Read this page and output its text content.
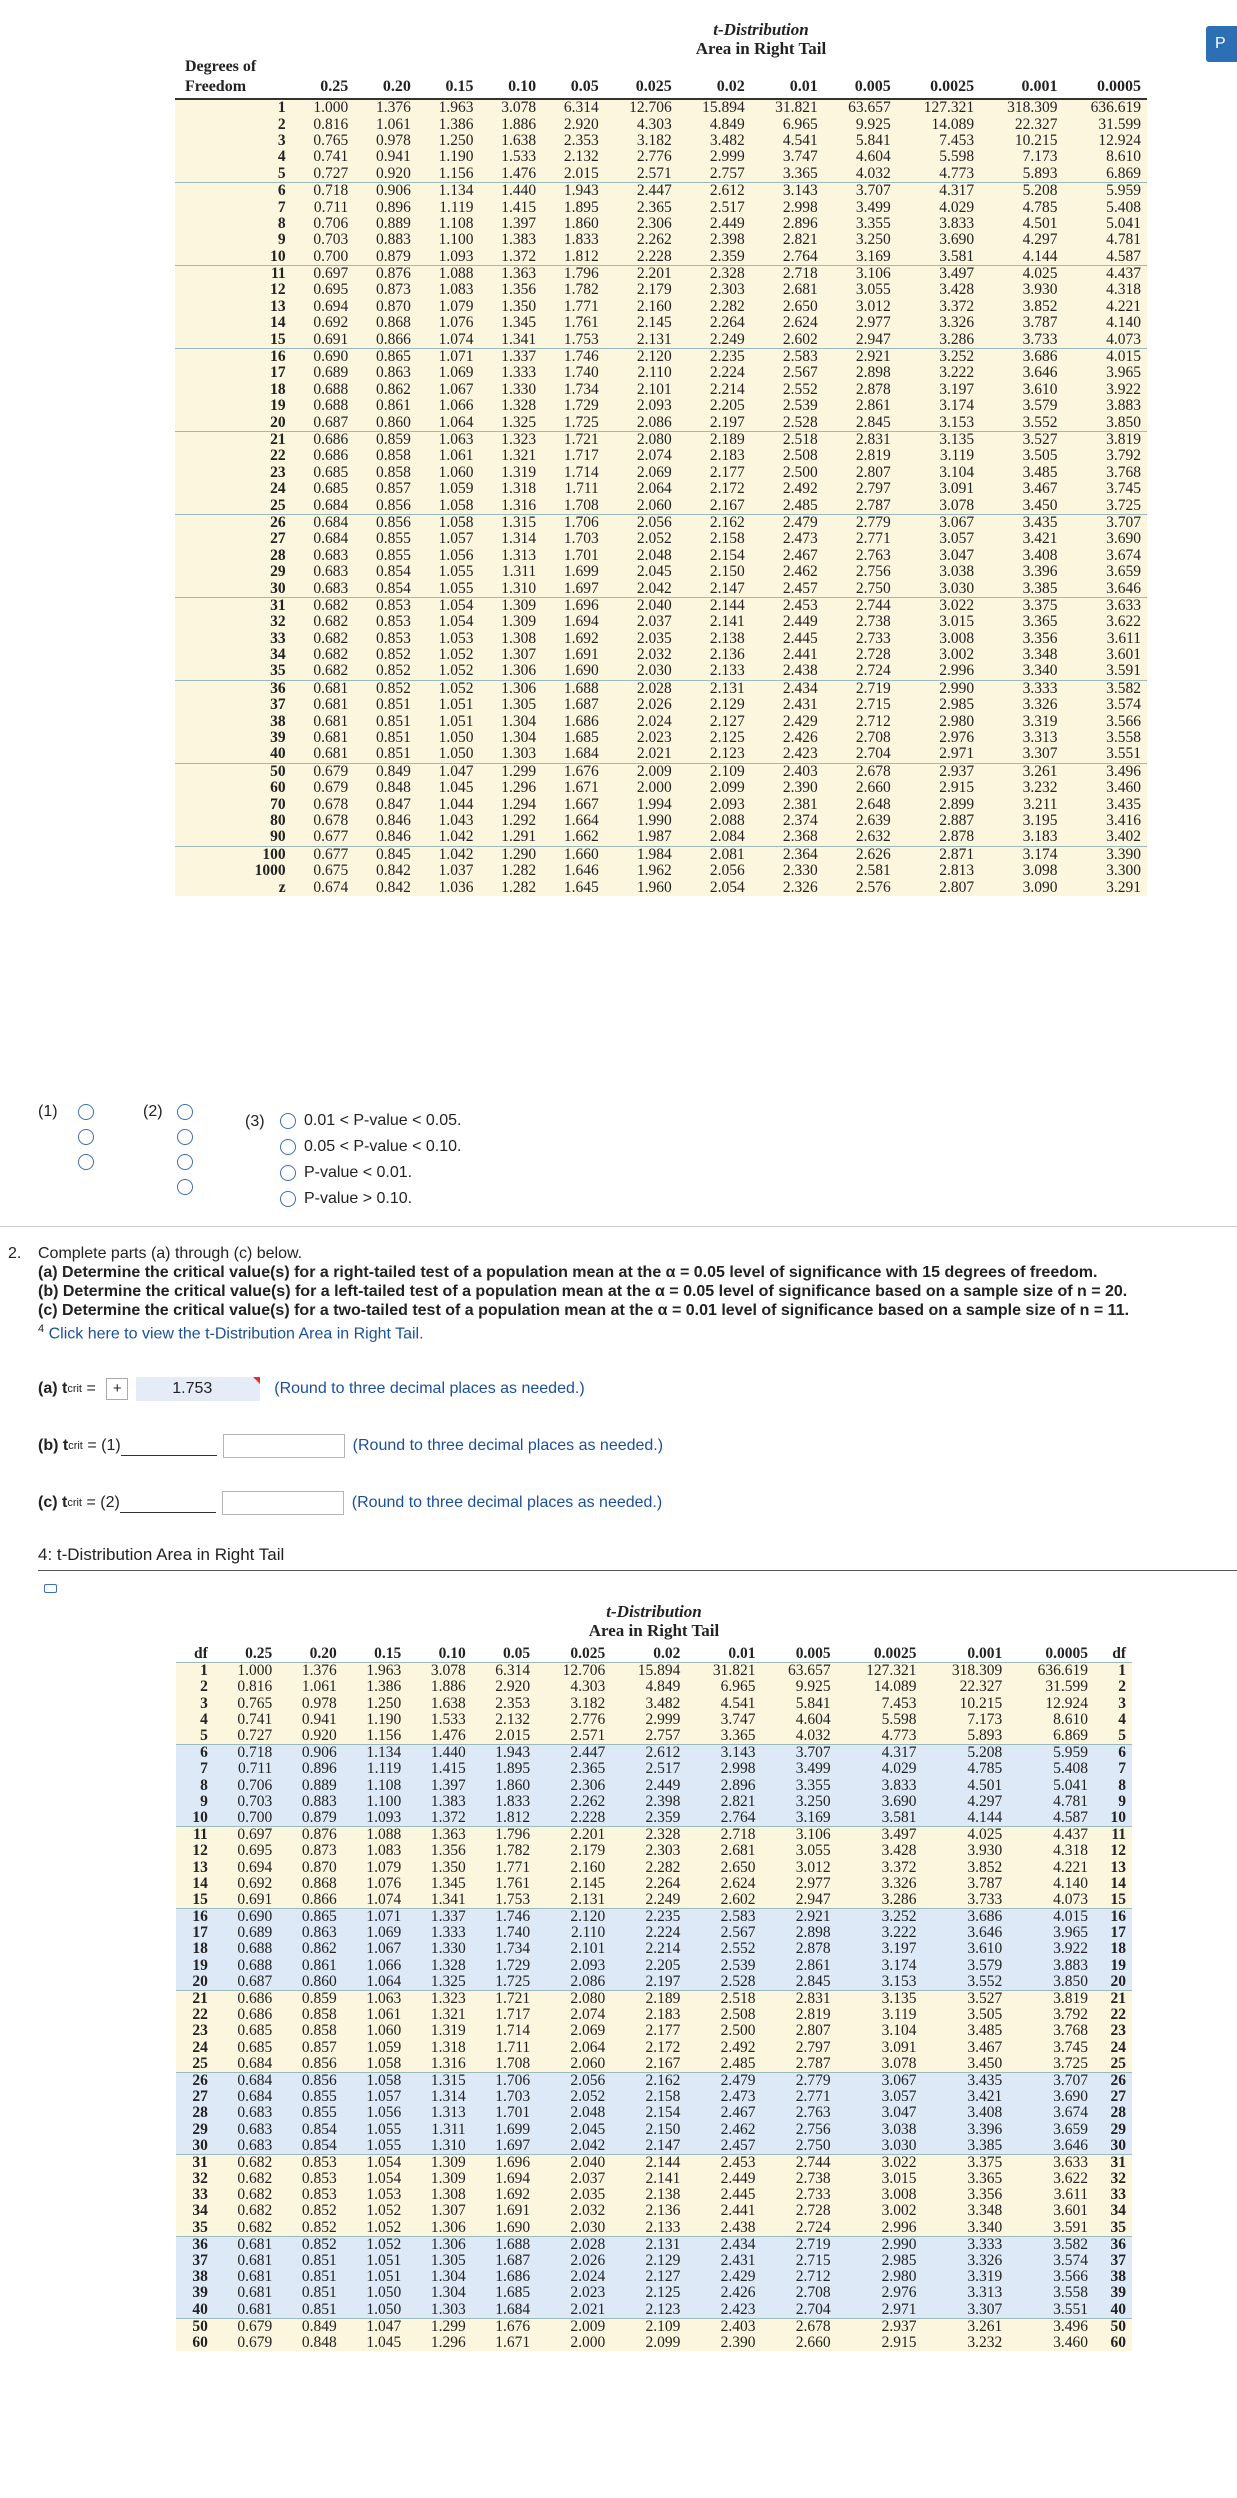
P
t-Distribution
Area in Right Tail
Degrees of												
Freedom	0.25	0.20	0.15	0.10	0.05	0.025	0.02	0.01	0.005	0.0025	0.001	0.0005
1	1.000	1.376	1.963	3.078	6.314	12.706	15.894	31.821	63.657	127.321	318.309	636.619
2	0.816	1.061	1.386	1.886	2.920	4.303	4.849	6.965	9.925	14.089	22.327	31.599
3	0.765	0.978	1.250	1.638	2.353	3.182	3.482	4.541	5.841	7.453	10.215	12.924
4	0.741	0.941	1.190	1.533	2.132	2.776	2.999	3.747	4.604	5.598	7.173	8.610
5	0.727	0.920	1.156	1.476	2.015	2.571	2.757	3.365	4.032	4.773	5.893	6.869
6	0.718	0.906	1.134	1.440	1.943	2.447	2.612	3.143	3.707	4.317	5.208	5.959
7	0.711	0.896	1.119	1.415	1.895	2.365	2.517	2.998	3.499	4.029	4.785	5.408
8	0.706	0.889	1.108	1.397	1.860	2.306	2.449	2.896	3.355	3.833	4.501	5.041
9	0.703	0.883	1.100	1.383	1.833	2.262	2.398	2.821	3.250	3.690	4.297	4.781
10	0.700	0.879	1.093	1.372	1.812	2.228	2.359	2.764	3.169	3.581	4.144	4.587
11	0.697	0.876	1.088	1.363	1.796	2.201	2.328	2.718	3.106	3.497	4.025	4.437
12	0.695	0.873	1.083	1.356	1.782	2.179	2.303	2.681	3.055	3.428	3.930	4.318
13	0.694	0.870	1.079	1.350	1.771	2.160	2.282	2.650	3.012	3.372	3.852	4.221
14	0.692	0.868	1.076	1.345	1.761	2.145	2.264	2.624	2.977	3.326	3.787	4.140
15	0.691	0.866	1.074	1.341	1.753	2.131	2.249	2.602	2.947	3.286	3.733	4.073
16	0.690	0.865	1.071	1.337	1.746	2.120	2.235	2.583	2.921	3.252	3.686	4.015
17	0.689	0.863	1.069	1.333	1.740	2.110	2.224	2.567	2.898	3.222	3.646	3.965
18	0.688	0.862	1.067	1.330	1.734	2.101	2.214	2.552	2.878	3.197	3.610	3.922
19	0.688	0.861	1.066	1.328	1.729	2.093	2.205	2.539	2.861	3.174	3.579	3.883
20	0.687	0.860	1.064	1.325	1.725	2.086	2.197	2.528	2.845	3.153	3.552	3.850
21	0.686	0.859	1.063	1.323	1.721	2.080	2.189	2.518	2.831	3.135	3.527	3.819
22	0.686	0.858	1.061	1.321	1.717	2.074	2.183	2.508	2.819	3.119	3.505	3.792
23	0.685	0.858	1.060	1.319	1.714	2.069	2.177	2.500	2.807	3.104	3.485	3.768
24	0.685	0.857	1.059	1.318	1.711	2.064	2.172	2.492	2.797	3.091	3.467	3.745
25	0.684	0.856	1.058	1.316	1.708	2.060	2.167	2.485	2.787	3.078	3.450	3.725
26	0.684	0.856	1.058	1.315	1.706	2.056	2.162	2.479	2.779	3.067	3.435	3.707
27	0.684	0.855	1.057	1.314	1.703	2.052	2.158	2.473	2.771	3.057	3.421	3.690
28	0.683	0.855	1.056	1.313	1.701	2.048	2.154	2.467	2.763	3.047	3.408	3.674
29	0.683	0.854	1.055	1.311	1.699	2.045	2.150	2.462	2.756	3.038	3.396	3.659
30	0.683	0.854	1.055	1.310	1.697	2.042	2.147	2.457	2.750	3.030	3.385	3.646
31	0.682	0.853	1.054	1.309	1.696	2.040	2.144	2.453	2.744	3.022	3.375	3.633
32	0.682	0.853	1.054	1.309	1.694	2.037	2.141	2.449	2.738	3.015	3.365	3.622
33	0.682	0.853	1.053	1.308	1.692	2.035	2.138	2.445	2.733	3.008	3.356	3.611
34	0.682	0.852	1.052	1.307	1.691	2.032	2.136	2.441	2.728	3.002	3.348	3.601
35	0.682	0.852	1.052	1.306	1.690	2.030	2.133	2.438	2.724	2.996	3.340	3.591
36	0.681	0.852	1.052	1.306	1.688	2.028	2.131	2.434	2.719	2.990	3.333	3.582
37	0.681	0.851	1.051	1.305	1.687	2.026	2.129	2.431	2.715	2.985	3.326	3.574
38	0.681	0.851	1.051	1.304	1.686	2.024	2.127	2.429	2.712	2.980	3.319	3.566
39	0.681	0.851	1.050	1.304	1.685	2.023	2.125	2.426	2.708	2.976	3.313	3.558
40	0.681	0.851	1.050	1.303	1.684	2.021	2.123	2.423	2.704	2.971	3.307	3.551
50	0.679	0.849	1.047	1.299	1.676	2.009	2.109	2.403	2.678	2.937	3.261	3.496
60	0.679	0.848	1.045	1.296	1.671	2.000	2.099	2.390	2.660	2.915	3.232	3.460
70	0.678	0.847	1.044	1.294	1.667	1.994	2.093	2.381	2.648	2.899	3.211	3.435
80	0.678	0.846	1.043	1.292	1.664	1.990	2.088	2.374	2.639	2.887	3.195	3.416
90	0.677	0.846	1.042	1.291	1.662	1.987	2.084	2.368	2.632	2.878	3.183	3.402
100	0.677	0.845	1.042	1.290	1.660	1.984	2.081	2.364	2.626	2.871	3.174	3.390
1000	0.675	0.842	1.037	1.282	1.646	1.962	2.056	2.330	2.581	2.813	3.098	3.300
z	0.674	0.842	1.036	1.282	1.645	1.960	2.054	2.326	2.576	2.807	3.090	3.291
(1)	(2)
(3) 0.01 < P-value < 0.05.
0.05 < P-value < 0.10.
P-value < 0.01.
P-value > 0.10.
2.	Complete parts (a) through (c) below.
(a) Determine the critical value(s) for a right-tailed test of a population mean at the α = 0.05 level of significance with 15 degrees of freedom.
(b) Determine the critical value(s) for a left-tailed test of a population mean at the α = 0.05 level of significance based on a sample size of n = 20.
(c) Determine the critical value(s) for a two-tailed test of a population mean at the α = 0.01 level of significance based on a sample size of n = 11.
$^4$ Click here to view the t-Distribution Area in Right Tail.
(a) t crit = +	1.753	(Round to three decimal places as needed.)
(b) t crit = (1)	(Round to three decimal places as needed.)
(c) t crit = (2)	(Round to three decimal places as needed.)
4: t-Distribution Area in Right Tail
t-Distribution
Area in Right Tail
df	0.25	0.20	0.15	0.10	0.05	0.025	0.02	0.01	0.005	0.0025	0.001	0.0005	df
1	1.000	1.376	1.963	3.078	6.314	12.706	15.894	31.821	63.657	127.321	318.309	636.619	1
2	0.816	1.061	1.386	1.886	2.920	4.303	4.849	6.965	9.925	14.089	22.327	31.599	2
3	0.765	0.978	1.250	1.638	2.353	3.182	3.482	4.541	5.841	7.453	10.215	12.924	3
4	0.741	0.941	1.190	1.533	2.132	2.776	2.999	3.747	4.604	5.598	7.173	8.610	4
5	0.727	0.920	1.156	1.476	2.015	2.571	2.757	3.365	4.032	4.773	5.893	6.869	5
6	0.718	0.906	1.134	1.440	1.943	2.447	2.612	3.143	3.707	4.317	5.208	5.959	6
7	0.711	0.896	1.119	1.415	1.895	2.365	2.517	2.998	3.499	4.029	4.785	5.408	7
8	0.706	0.889	1.108	1.397	1.860	2.306	2.449	2.896	3.355	3.833	4.501	5.041	8
9	0.703	0.883	1.100	1.383	1.833	2.262	2.398	2.821	3.250	3.690	4.297	4.781	9
10	0.700	0.879	1.093	1.372	1.812	2.228	2.359	2.764	3.169	3.581	4.144	4.587	10
11	0.697	0.876	1.088	1.363	1.796	2.201	2.328	2.718	3.106	3.497	4.025	4.437	11
12	0.695	0.873	1.083	1.356	1.782	2.179	2.303	2.681	3.055	3.428	3.930	4.318	12
13	0.694	0.870	1.079	1.350	1.771	2.160	2.282	2.650	3.012	3.372	3.852	4.221	13
14	0.692	0.868	1.076	1.345	1.761	2.145	2.264	2.624	2.977	3.326	3.787	4.140	14
15	0.691	0.866	1.074	1.341	1.753	2.131	2.249	2.602	2.947	3.286	3.733	4.073	15
16	0.690	0.865	1.071	1.337	1.746	2.120	2.235	2.583	2.921	3.252	3.686	4.015	16
17	0.689	0.863	1.069	1.333	1.740	2.110	2.224	2.567	2.898	3.222	3.646	3.965	17
18	0.688	0.862	1.067	1.330	1.734	2.101	2.214	2.552	2.878	3.197	3.610	3.922	18
19	0.688	0.861	1.066	1.328	1.729	2.093	2.205	2.539	2.861	3.174	3.579	3.883	19
20	0.687	0.860	1.064	1.325	1.725	2.086	2.197	2.528	2.845	3.153	3.552	3.850	20
21	0.686	0.859	1.063	1.323	1.721	2.080	2.189	2.518	2.831	3.135	3.527	3.819	21
22	0.686	0.858	1.061	1.321	1.717	2.074	2.183	2.508	2.819	3.119	3.505	3.792	22
23	0.685	0.858	1.060	1.319	1.714	2.069	2.177	2.500	2.807	3.104	3.485	3.768	23
24	0.685	0.857	1.059	1.318	1.711	2.064	2.172	2.492	2.797	3.091	3.467	3.745	24
25	0.684	0.856	1.058	1.316	1.708	2.060	2.167	2.485	2.787	3.078	3.450	3.725	25
26	0.684	0.856	1.058	1.315	1.706	2.056	2.162	2.479	2.779	3.067	3.435	3.707	26
27	0.684	0.855	1.057	1.314	1.703	2.052	2.158	2.473	2.771	3.057	3.421	3.690	27
28	0.683	0.855	1.056	1.313	1.701	2.048	2.154	2.467	2.763	3.047	3.408	3.674	28
29	0.683	0.854	1.055	1.311	1.699	2.045	2.150	2.462	2.756	3.038	3.396	3.659	29
30	0.683	0.854	1.055	1.310	1.697	2.042	2.147	2.457	2.750	3.030	3.385	3.646	30
31	0.682	0.853	1.054	1.309	1.696	2.040	2.144	2.453	2.744	3.022	3.375	3.633	31
32	0.682	0.853	1.054	1.309	1.694	2.037	2.141	2.449	2.738	3.015	3.365	3.622	32
33	0.682	0.853	1.053	1.308	1.692	2.035	2.138	2.445	2.733	3.008	3.356	3.611	33
34	0.682	0.852	1.052	1.307	1.691	2.032	2.136	2.441	2.728	3.002	3.348	3.601	34
35	0.682	0.852	1.052	1.306	1.690	2.030	2.133	2.438	2.724	2.996	3.340	3.591	35
36	0.681	0.852	1.052	1.306	1.688	2.028	2.131	2.434	2.719	2.990	3.333	3.582	36
37	0.681	0.851	1.051	1.305	1.687	2.026	2.129	2.431	2.715	2.985	3.326	3.574	37
38	0.681	0.851	1.051	1.304	1.686	2.024	2.127	2.429	2.712	2.980	3.319	3.566	38
39	0.681	0.851	1.050	1.304	1.685	2.023	2.125	2.426	2.708	2.976	3.313	3.558	39
40	0.681	0.851	1.050	1.303	1.684	2.021	2.123	2.423	2.704	2.971	3.307	3.551	40
50	0.679	0.849	1.047	1.299	1.676	2.009	2.109	2.403	2.678	2.937	3.261	3.496	50
60	0.679	0.848	1.045	1.296	1.671	2.000	2.099	2.390	2.660	2.915	3.232	3.460	60
